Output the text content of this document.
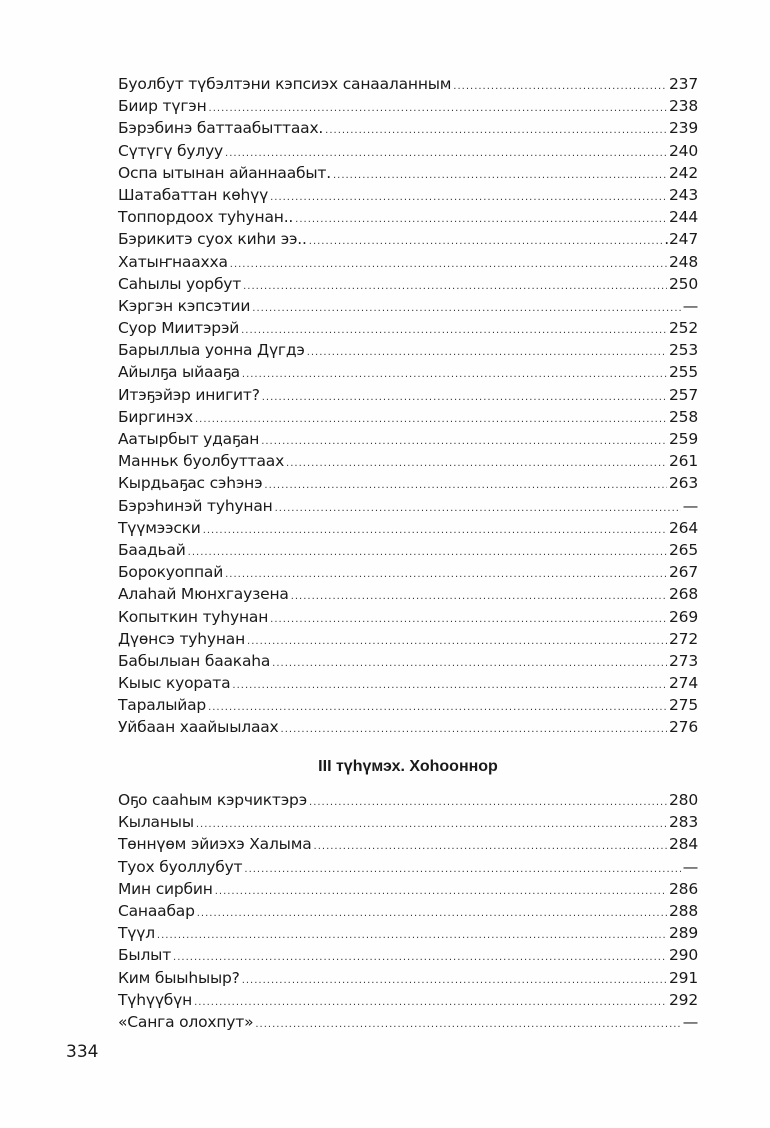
Буолбут түбэлтэни кэпсиэх санааланным .....	237
Биир түгэн .....	238
Бэрэбинэ баттаабыттаах. .....	239
Сүтүгү булуу .....	240
Оспа ытынан айаннаабыт. .....	242
Шатабаттан көһүү .....	243
Топпордоох туһунан.. .....	244
Бэрикитэ суох киһи ээ.. .....	.247
Хатыҥнаахха .....	248
Саһылы уорбут .....	250
Кэргэн кэпсэтии .....	—
Суор Миитэрэй .....	252
Барыллыа уонна Дүгдэ .....	253
Айылҕа ыйааҕа .....	255
Итэҕэйэр инигит? .....	257
Биргинэх .....	258
Аатырбыт удаҕан .....	259
Манньк буолбуттаах .....	261
Кырдьаҕас сэһэнэ .....	263
Бэрэһинэй туһунан .....	—
Түүмээски .....	264
Баадьай .....	265
Борокуоппай .....	267
Алаһай Мюнхгаузена .....	268
Копыткин туһунан .....	269
Дүөнсэ туһунан .....	272
Бабылыан баакаһа .....	273
Кыыс куората .....	274
Таралыйар .....	275
Уйбаан хаайыылаах .....	276
III түһүмэх. Хоһооннор
Оҕо сааһым кэрчиктэрэ .....	280
Кыланыы .....	283
Төннүөм эйиэхэ Халыма .....	284
Туох буоллубут .....	—
Мин сирбин .....	286
Санаабар .....	288
Түүл .....	289
Былыт .....	290
Ким быыһыыр? .....	291
Түһүүбүн .....	292
«Санга олохпут» .....	—
334
